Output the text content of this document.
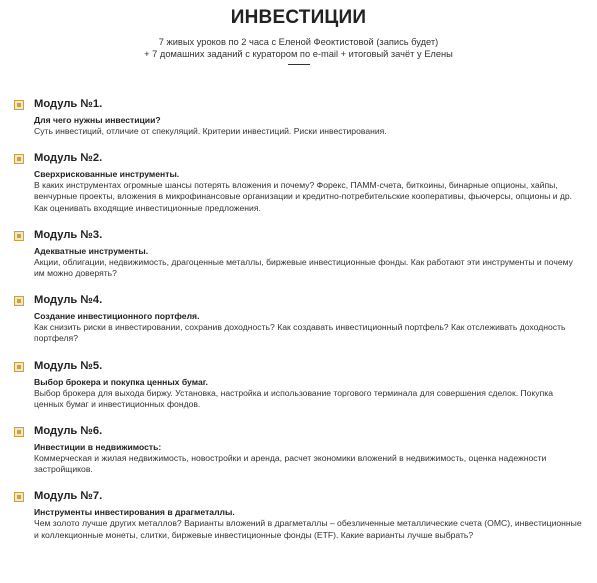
ИНВЕСТИЦИИ
7 живых уроков по 2 часа с Еленой Феоктистовой (запись будет)
+ 7 домашних заданий с куратором по e-mail + итоговый зачёт у Елены
Модуль №1.
Для чего нужны инвестиции?
Суть инвестиций, отличие от спекуляций. Критерии инвестиций. Риски инвестирования.
Модуль №2.
Сверхрискованные инструменты.
В каких инструментах огромные шансы потерять вложения и почему? Форекс, ПАММ-счета, биткоины, бинарные опционы, хайпы, венчурные проекты, вложения в микрофинансовые организации и кредитно-потребительские кооперативы, фьючерсы, опционы и др. Как оценивать входящие инвестиционные предложения.
Модуль №3.
Адекватные инструменты.
Акции, облигации, недвижимость, драгоценные металлы, биржевые инвестиционные фонды. Как работают эти инструменты и почему им можно доверять?
Модуль №4.
Создание инвестиционного портфеля.
Как снизить риски в инвестировании, сохранив доходность? Как создавать инвестиционный портфель? Как отслеживать доходность портфеля?
Модуль №5.
Выбор брокера и покупка ценных бумаг.
Выбор брокера для выхода биржу. Установка, настройка и использование торгового терминала для совершения сделок. Покупка ценных бумаг и инвестиционных фондов.
Модуль №6.
Инвестиции в недвижимость:
Коммерческая и жилая недвижимость, новостройки и аренда, расчет экономики вложений в недвижимость, оценка надежности застройщиков.
Модуль №7.
Инструменты инвестирования в драгметаллы.
Чем золото лучше других металлов? Варианты вложений в драгметаллы – обезличенные металлические счета (ОМС), инвестиционные и коллекционные монеты, слитки, биржевые инвестиционные фонды (ETF). Какие варианты лучше выбрать?
